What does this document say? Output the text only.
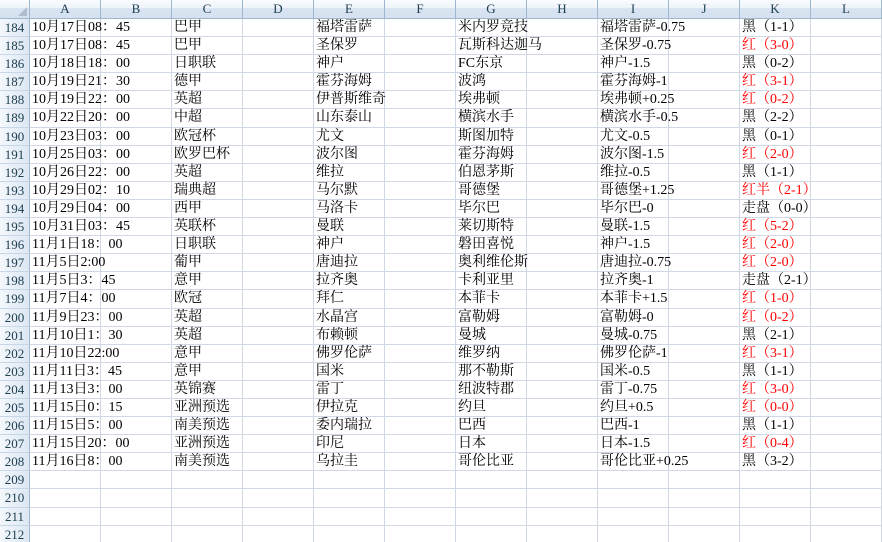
A	B	C	D	E	F	G	H	I	J	K	L
184 10月17日08：45	巴甲	福塔雷萨	米内罗竞技	福塔雷萨-0.75	黑（1-1）
185 10月17日08：45	巴甲	圣保罗	瓦斯科达迦马	圣保罗-0.75	红（3-0）
186 10月18日18：00	日职联	神户	FC东京	神户-1.5	黑（0-2）
187 10月19日21：30	德甲	霍芬海姆	波鸿	霍芬海姆-1	红（3-1）
188 10月19日22：00	英超	伊普斯维奇	埃弗顿	埃弗顿+0.25	红（0-2）
189 10月22日20：00	中超	山东泰山	横滨水手	横滨水手-0.5	黑（2-2）
190 10月23日03：00	欧冠杯	尤文	斯图加特	尤文-0.5	黑（0-1）
191 10月25日03：00	欧罗巴杯	波尔图	霍芬海姆	波尔图-1.5	红（2-0）
192 10月26日22：00	英超	维拉	伯恩茅斯	维拉-0.5	黑（1-1）
193 10月29日02：10	瑞典超	马尔默	哥德堡	哥德堡+1.25	红半（2-1）
194 10月29日04：00	西甲	马洛卡	毕尔巴	毕尔巴-0	走盘（0-0）
195 10月31日03：45	英联杯	曼联	莱切斯特	曼联-1.5	红（5-2）
196 11月1日18：00	日职联	神户	磐田喜悦	神户-1.5	红（2-0）
197 11月5日2:00	葡甲	唐迪拉	奥利维伦斯	唐迪拉-0.75	红（2-0）
198 11月5日3：45	意甲	拉齐奥	卡利亚里	拉齐奥-1	走盘（2-1）
199 11月7日4：00	欧冠	拜仁	本菲卡	本菲卡+1.5	红（1-0）
200 11月9日23：00	英超	水晶宫	富勒姆	富勒姆-0	红（0-2）
201 11月10日1：30	英超	布赖顿	曼城	曼城-0.75	黑（2-1）
202 11月10日22:00	意甲	佛罗伦萨	维罗纳	佛罗伦萨-1	红（3-1）
203 11月11日3：45	意甲	国米	那不勒斯	国米-0.5	黑（1-1）
204 11月13日3：00	英锦赛	雷丁	纽波特郡	雷丁-0.75	红（3-0）
205 11月15日0：15	亚洲预选	伊拉克	约旦	约旦+0.5	红（0-0）
206 11月15日5：00	南美预选	委内瑞拉	巴西	巴西-1	黑（1-1）
207 11月15日20：00	亚洲预选	印尼	日本	日本-1.5	红（0-4）
208 11月16日8：00	南美预选	乌拉圭	哥伦比亚	哥伦比亚+0.25	黑（3-2）
209
210
211
212
